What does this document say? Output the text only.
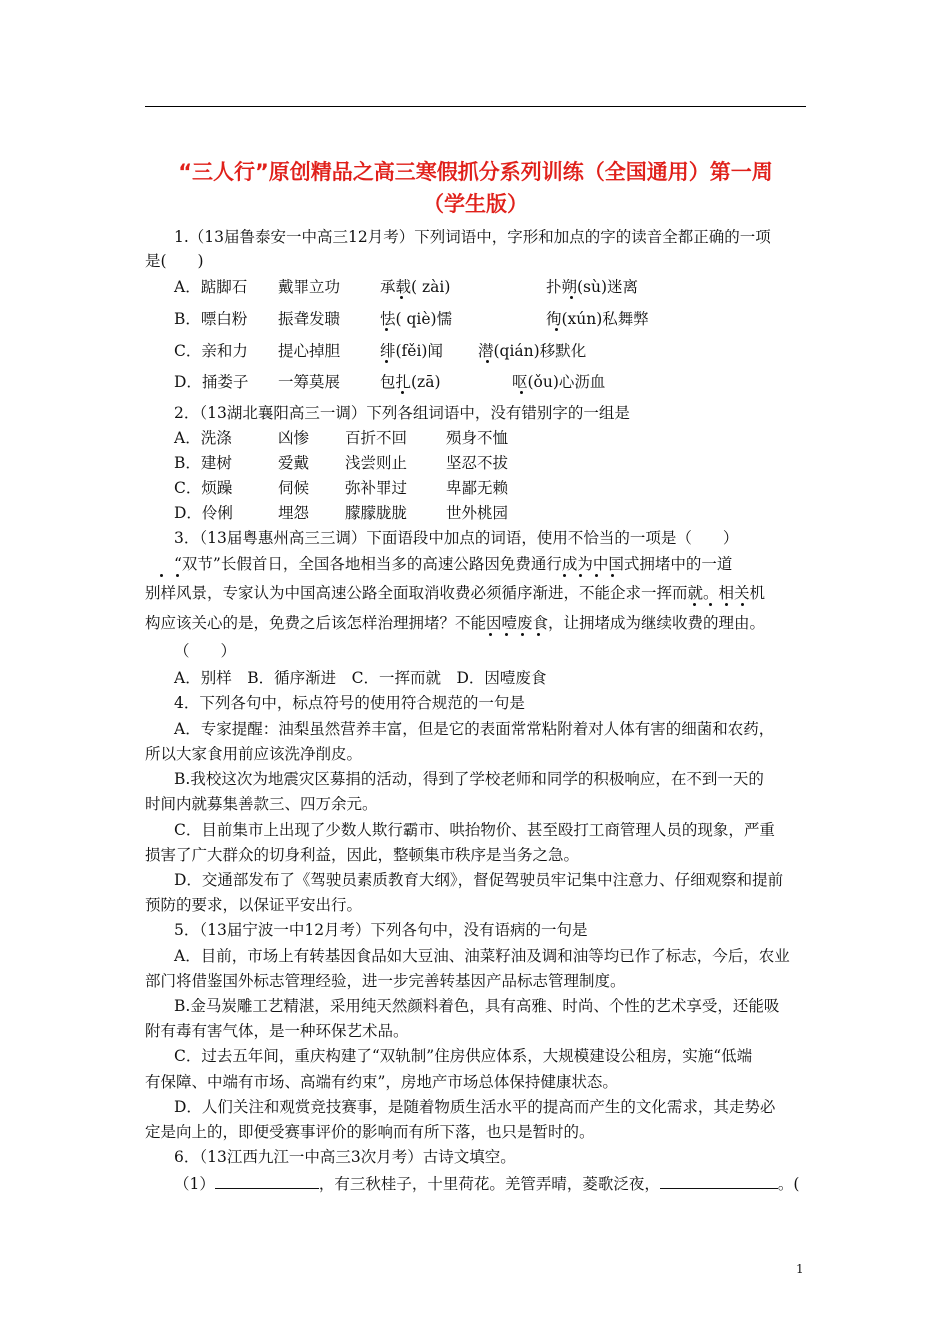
“三人行”原创精品之高三寒假抓分系列训练（全国通用）第一周
（学生版）
1.（13届鲁泰安一中高三12月考）下列词语中，字形和加点的字的读音全都正确的一项
是(　　)
A．踮脚石 戴罪立功	承载( zài)	扑朔(sù)迷离
B．嘌白粉 振聋发聩	怯( qiè)懦	徇(xún)私舞弊
C．亲和力 提心掉胆	绯(fěi)闻 潜(qián)移默化
D．捅娄子 一筹莫展	包扎(zā)	呕(ǒu)心沥血
2．（13湖北襄阳高三一调）下列各组词语中，没有错别字的一组是
A．洗涤	凶惨 百折不回	殒身不恤
B．建树	爱戴 浅尝则止	坚忍不拔
C．烦躁	伺候 弥补罪过	卑鄙无赖
D．伶俐	埋怨 朦朦胧胧	世外桃园
3．（13届粤惠州高三三调）下面语段中加点的词语，使用不恰当的一项是（　　）
“双节”长假首日，全国各地相当多的高速公路因免费通行成为中国式拥堵中的一道
别样风景，专家认为中国高速公路全面取消收费必须循序渐进，不能企求一挥而就。相关机
构应该关心的是，免费之后该怎样治理拥堵？不能因噎废食，让拥堵成为继续收费的理由。
（　　）
A．别样　B．循序渐进　C．一挥而就　D．因噎废食
4．下列各句中，标点符号的使用符合规范的一句是
A．专家提醒：油梨虽然营养丰富，但是它的表面常常粘附着对人体有害的细菌和农药，
所以大家食用前应该洗净削皮。
B.我校这次为地震灾区募捐的活动，得到了学校老师和同学的积极响应，在不到一天的
时间内就募集善款三、四万余元。
C．目前集市上出现了少数人欺行霸市、哄抬物价、甚至殴打工商管理人员的现象，严重
损害了广大群众的切身利益，因此，整顿集市秩序是当务之急。
D．交通部发布了《驾驶员素质教育大纲》，督促驾驶员牢记集中注意力、仔细观察和提前
预防的要求，以保证平安出行。
5．（13届宁波一中12月考）下列各句中，没有语病的一句是
A．目前，市场上有转基因食品如大豆油、油菜籽油及调和油等均已作了标志，今后，农业
部门将借鉴国外标志管理经验，进一步完善转基因产品标志管理制度。
B.金马炭雕工艺精湛，采用纯天然颜料着色，具有高雅、时尚、个性的艺术享受，还能吸
附有毒有害气体，是一种环保艺术品。
C．过去五年间，重庆构建了“双轨制”住房供应体系，大规模建设公租房，实施“低端
有保障、中端有市场、高端有约束”，房地产市场总体保持健康状态。
D．人们关注和观赏竞技赛事，是随着物质生活水平的提高而产生的文化需求，其走势必
定是向上的，即便受赛事评价的影响而有所下落，也只是暂时的。
6．（13江西九江一中高三3次月考）古诗文填空。
（1）	，有三秋桂子，十里荷花。羌管弄晴，菱歌泛夜，	。(
1
